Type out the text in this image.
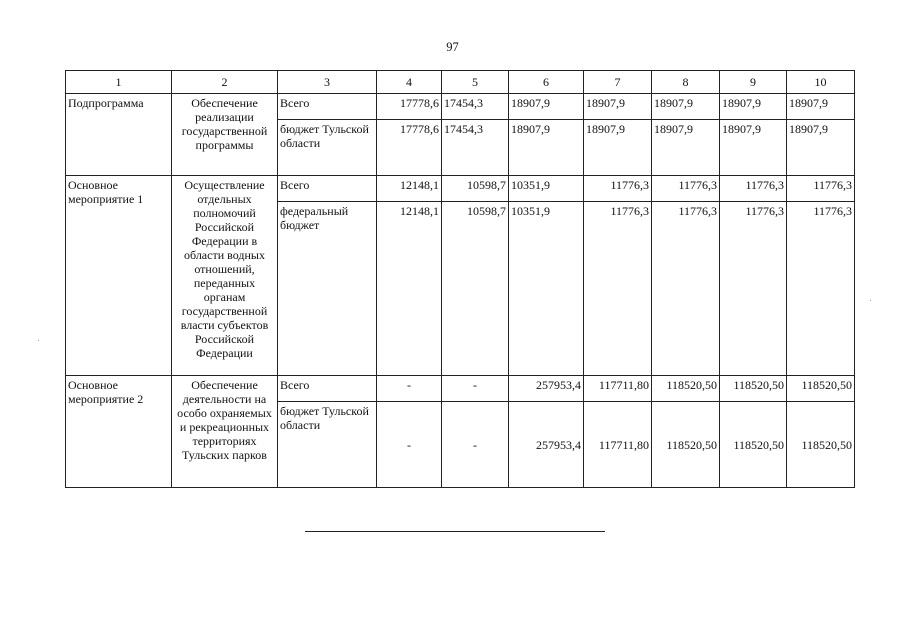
97
1	2	3	4	5	6	7	8	9	10
Подпрограмма	Обеспечение реализации государственной программы	Всего	17778,6	17454,3	18907,9	18907,9	18907,9	18907,9	18907,9
		бюджет Тульской области	17778,6	17454,3	18907,9	18907,9	18907,9	18907,9	18907,9
Основное мероприятие 1	Осуществление отдельных полномочий Российской Федерации в области водных отношений, переданных органам государственной власти субъектов Российской Федерации	Всего	12148,1	10598,7	10351,9	11776,3	11776,3	11776,3	11776,3
		федеральный бюджет	12148,1	10598,7	10351,9	11776,3	11776,3	11776,3	11776,3
Основное мероприятие 2	Обеспечение деятельности на особо охраняемых и рекреационных территориях Тульских парков	Всего	-	-	257953,4	117711,80	118520,50	118520,50	118520,50
		бюджет Тульской области	-	-	257953,4	117711,80	118520,50	118520,50	118520,50
